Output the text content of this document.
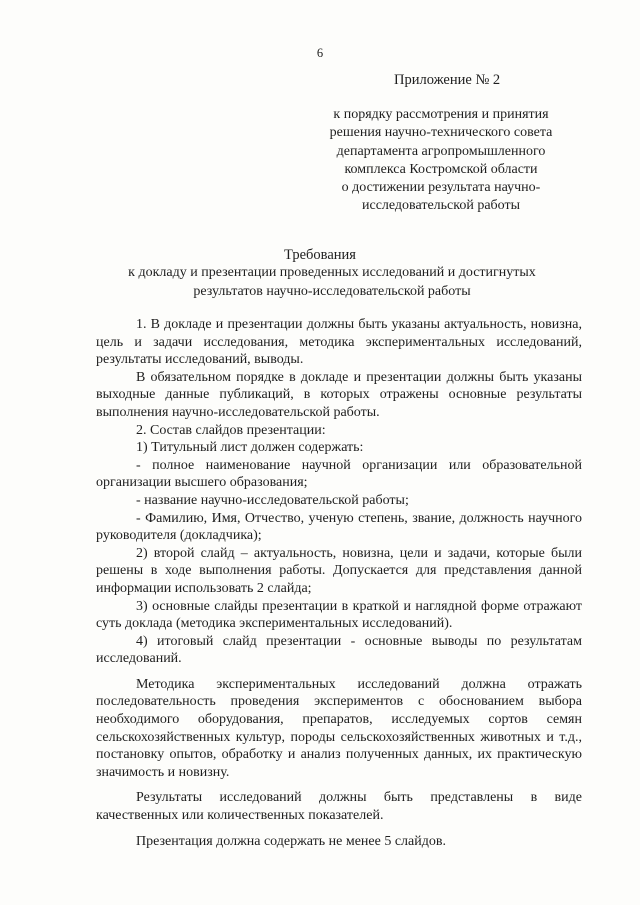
6
Приложение № 2
к порядку рассмотрения и принятия
решения научно-технического совета
департамента агропромышленного
комплекса Костромской области
о достижении результата научно-
исследовательской работы
Требования
к докладу и презентации проведенных исследований и достигнутых результатов научно-исследовательской работы

1. В докладе и презентации должны быть указаны актуальность, новизна, цель и задачи исследования, методика экспериментальных исследований, результаты исследований, выводы.

В обязательном порядке в докладе и презентации должны быть указаны выходные данные публикаций, в которых отражены основные результаты выполнения научно-исследовательской работы.

2. Состав слайдов презентации:

1) Титульный лист должен содержать:

- полное наименование научной организации или образовательной организации высшего образования;

- название научно-исследовательской работы;

- Фамилию, Имя, Отчество, ученую степень, звание, должность научного руководителя (докладчика);

2) второй слайд – актуальность, новизна, цели и задачи, которые были решены в ходе выполнения работы. Допускается для представления данной информации использовать 2 слайда;

3) основные слайды презентации в краткой и наглядной форме отражают суть доклада (методика экспериментальных исследований).

4) итоговый слайд презентации - основные выводы по результатам исследований.

Методика экспериментальных исследований должна отражать последовательность проведения экспериментов с обоснованием выбора необходимого оборудования, препаратов, исследуемых сортов семян сельскохозяйственных культур, породы сельскохозяйственных животных и т.д., постановку опытов, обработку и анализ полученных данных, их практическую значимость и новизну.

Результаты исследований должны быть представлены в виде качественных или количественных показателей.

Презентация должна содержать не менее 5 слайдов.
